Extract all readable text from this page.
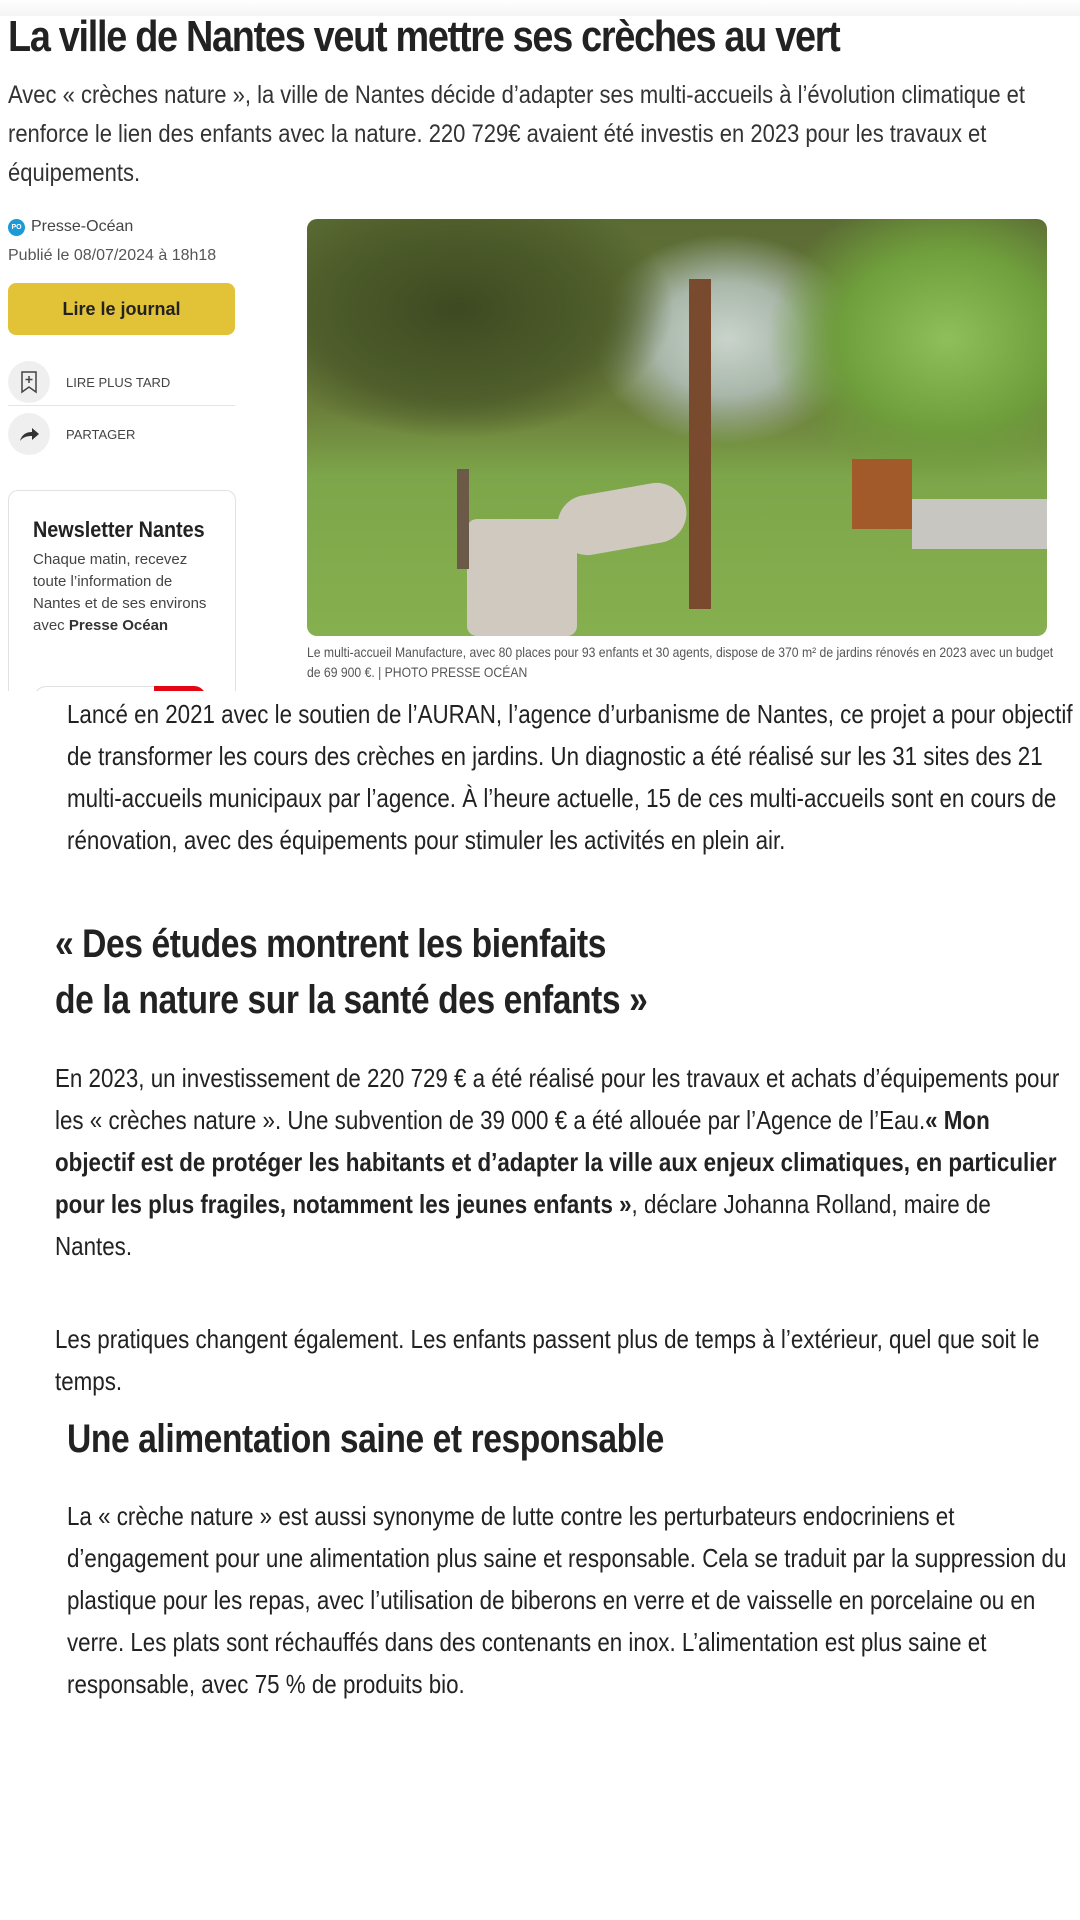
La ville de Nantes veut mettre ses crèches au vert

Avec « crèches nature », la ville de Nantes décide d’adapter ses multi-accueils à l’évolution climatique et renforce le lien des enfants avec la nature. 220 729€ avaient été investis en 2023 pour les travaux et équipements.

PO Presse-Océan
Publié le 08/07/2024 à 18h18
Lire le journal
LIRE PLUS TARD
PARTAGER
Newsletter Nantes
Chaque matin, recevez toute l’information de Nantes et de ses environs avec Presse Océan
Le multi-accueil Manufacture, avec 80 places pour 93 enfants et 30 agents, dispose de 370 m² de jardins rénovés en 2023 avec un budget de 69 900 €. | PHOTO PRESSE OCÉAN

Lancé en 2021 avec le soutien de l’AURAN, l’agence d’urbanisme de Nantes, ce projet a pour objectif de transformer les cours des crèches en jardins. Un diagnostic a été réalisé sur les 31 sites des 21 multi-accueils municipaux par l’agence. À l’heure actuelle, 15 de ces multi-accueils sont en cours de rénovation, avec des équipements pour stimuler les activités en plein air.

« Des études montrent les bienfaits
de la nature sur la santé des enfants »

En 2023, un investissement de 220 729 € a été réalisé pour les travaux et achats d’équipements pour les « crèches nature ». Une subvention de 39 000 € a été allouée par l’Agence de l’Eau.« Mon objectif est de protéger les habitants et d’adapter la ville aux enjeux climatiques, en particulier pour les plus fragiles, notamment les jeunes enfants », déclare Johanna Rolland, maire de Nantes.

Les pratiques changent également. Les enfants passent plus de temps à l’extérieur, quel que soit le temps.

Une alimentation saine et responsable

La « crèche nature » est aussi synonyme de lutte contre les perturbateurs endocriniens et d’engagement pour une alimentation plus saine et responsable. Cela se traduit par la suppression du plastique pour les repas, avec l’utilisation de biberons en verre et de vaisselle en porcelaine ou en verre. Les plats sont réchauffés dans des contenants en inox. L’alimentation est plus saine et responsable, avec 75 % de produits bio.
